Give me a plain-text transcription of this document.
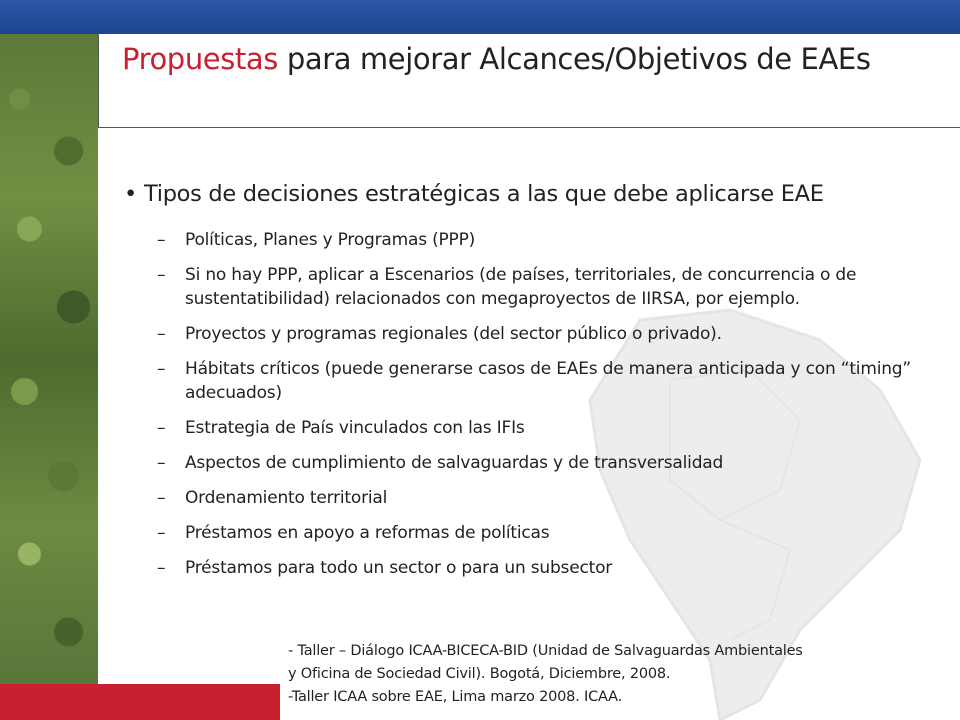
Propuestas para mejorar Alcances/Objetivos de EAEs
• Tipos de decisiones estratégicas a las que debe aplicarse EAE
– Políticas, Planes y Programas (PPP)
– Si no hay PPP, aplicar a Escenarios (de países, territoriales, de concurrencia o de sustentatibilidad) relacionados con megaproyectos de IIRSA, por ejemplo.
– Proyectos y programas regionales (del sector público o privado).
– Hábitats críticos (puede generarse casos de EAEs de manera anticipada y con “timing” adecuados)
– Estrategia de País vinculados con las IFIs
– Aspectos de cumplimiento de salvaguardas y de transversalidad
– Ordenamiento territorial
– Préstamos en apoyo a reformas de políticas
– Préstamos para todo un sector o para un subsector
- Taller – Diálogo ICAA-BICECA-BID (Unidad de Salvaguardas Ambientales
y Oficina de Sociedad Civil). Bogotá, Diciembre, 2008.
-Taller ICAA sobre EAE, Lima marzo 2008. ICAA.
